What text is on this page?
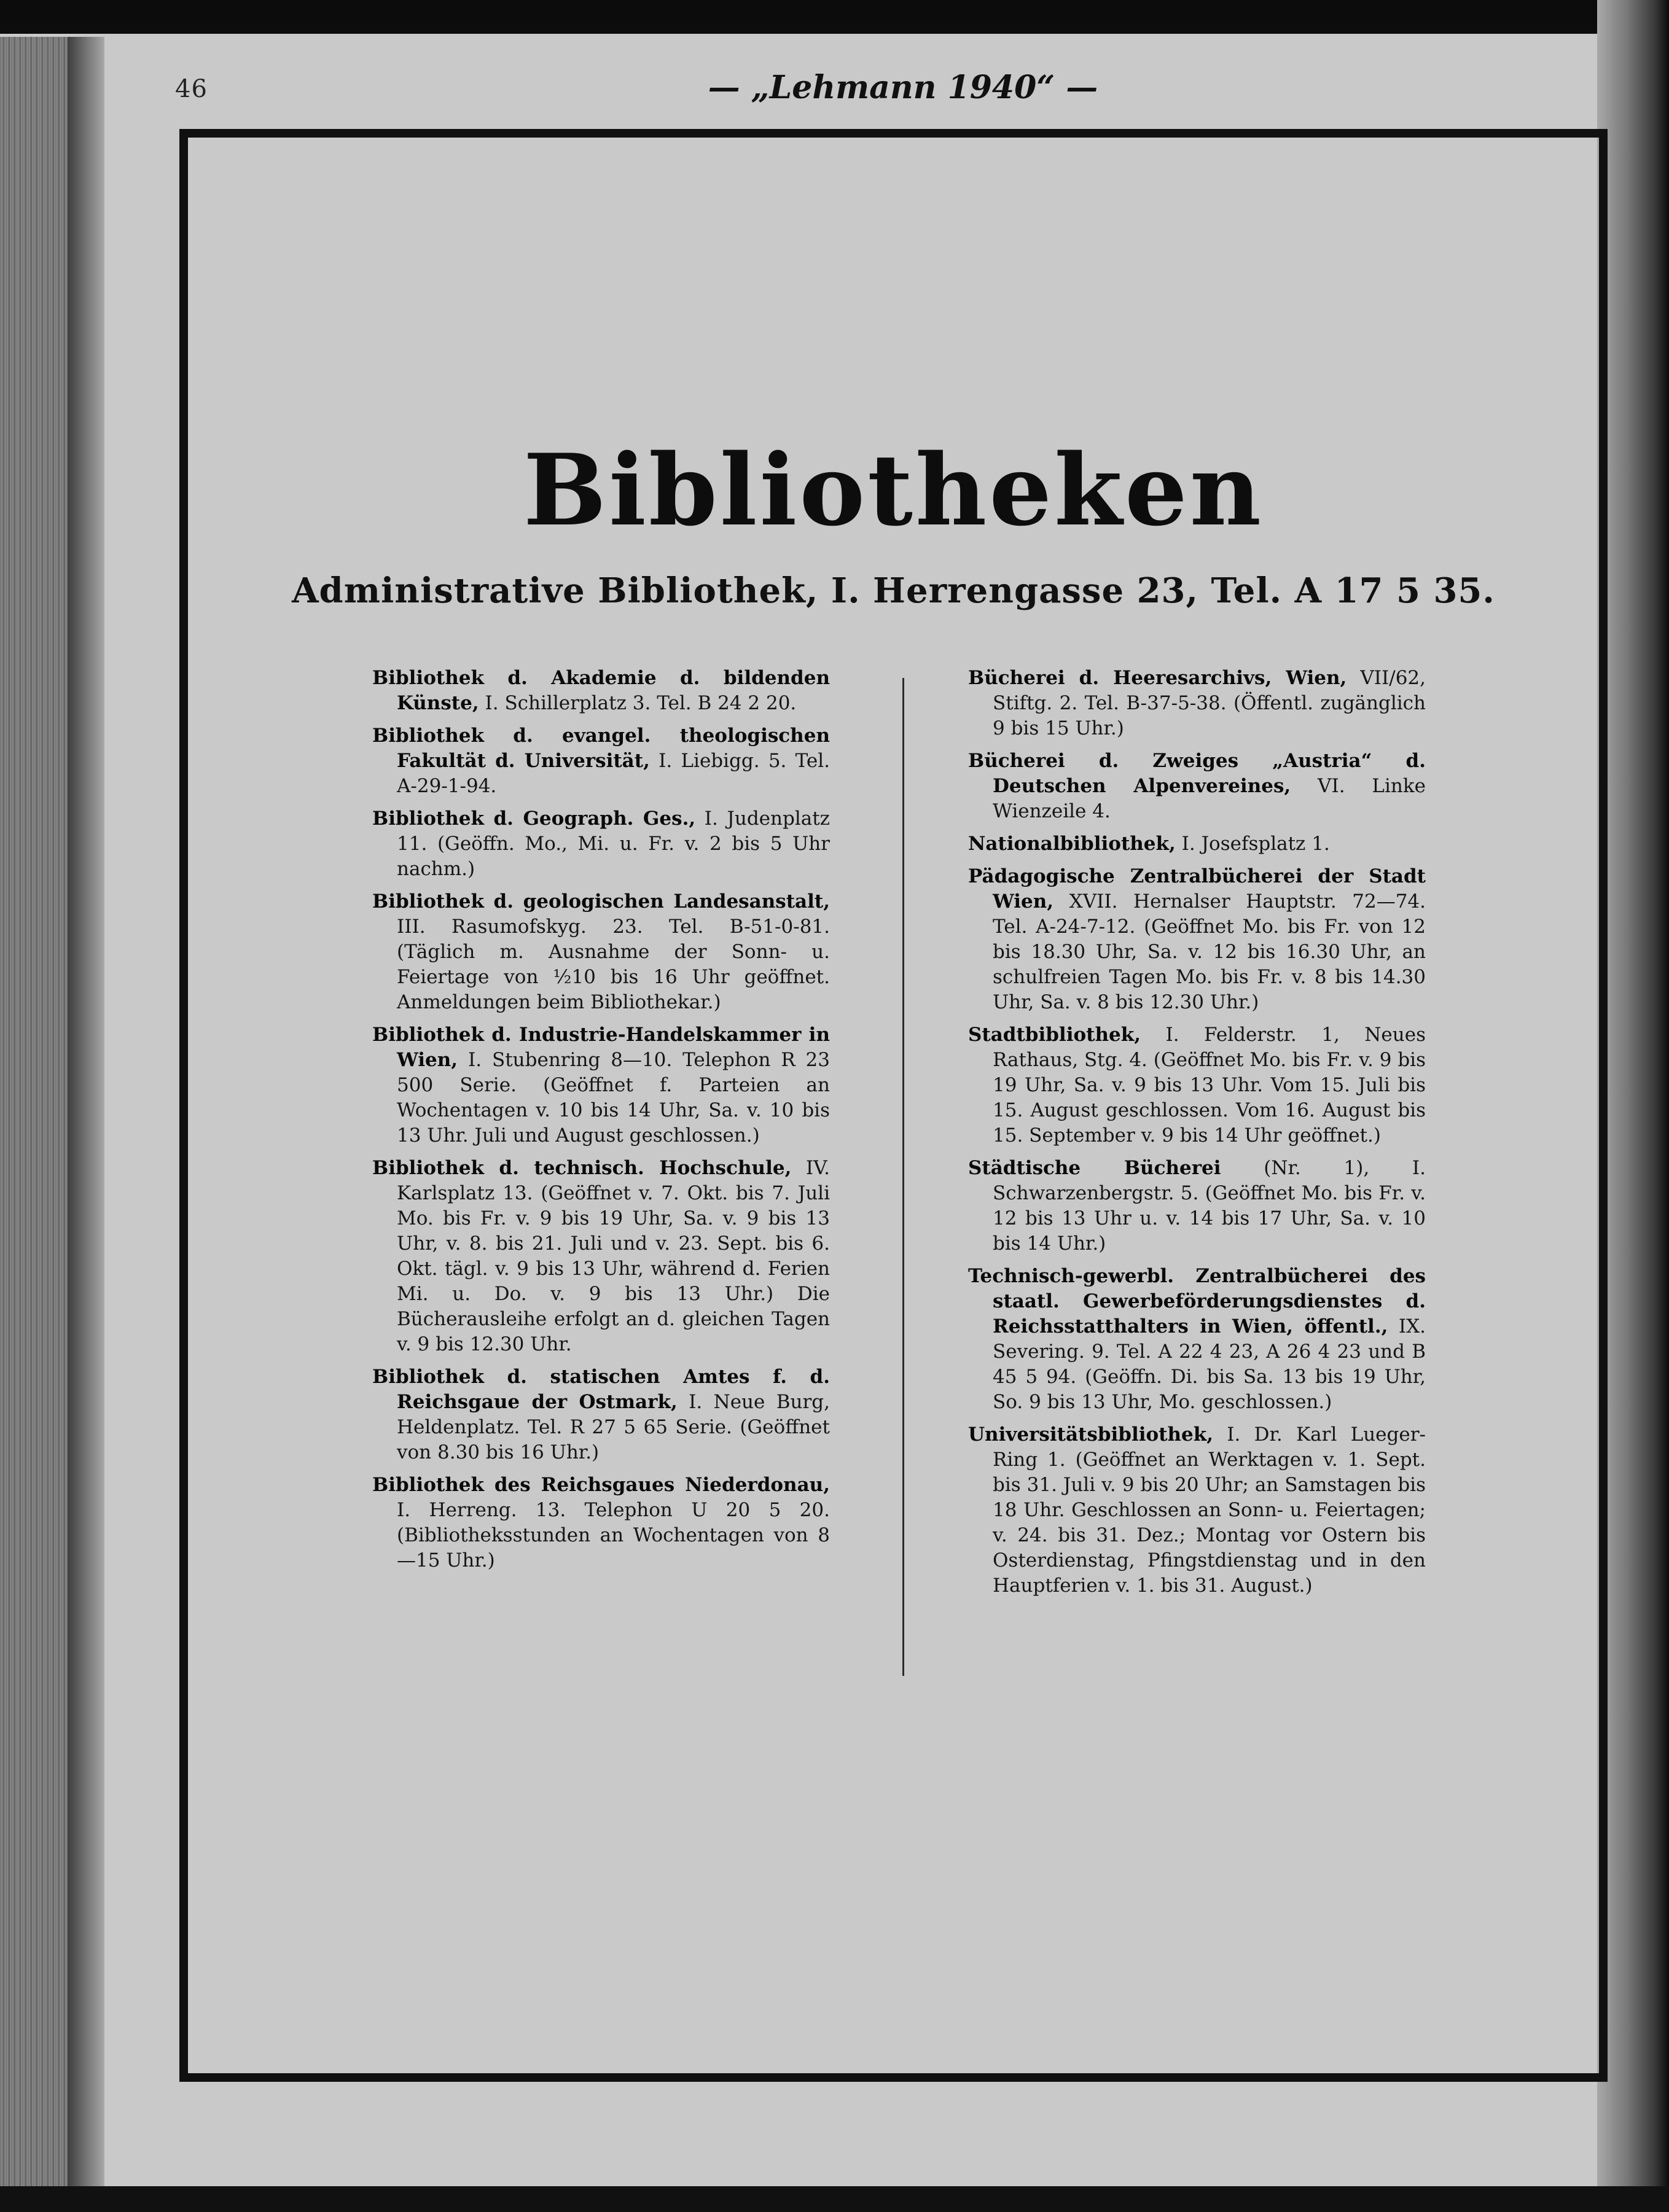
46	— „Lehmann 1940“ —
Bibliotheken
Administrative Bibliothek, I. Herrengasse 23, Tel. A 17 5 35.

Bibliothek d. Akademie d. bildenden Künste, I. Schillerplatz 3. Tel. B 24 2 20.

Bibliothek d. evangel. theologischen Fakultät d. Universität, I. Liebigg. 5. Tel. A-29-1-94.

Bibliothek d. Geograph. Ges., I. Judenplatz 11. (Geöffn. Mo., Mi. u. Fr. v. 2 bis 5 Uhr nachm.)

Bibliothek d. geologischen Landesanstalt, III. Rasumofskyg. 23. Tel. B-51-0-81. (Täglich m. Ausnahme der Sonn- u. Feiertage von ½10 bis 16 Uhr geöffnet. Anmeldungen beim Bibliothekar.)

Bibliothek d. Industrie-Handelskammer in Wien, I. Stubenring 8—10. Telephon R 23 500 Serie. (Geöffnet f. Parteien an Wochentagen v. 10 bis 14 Uhr, Sa. v. 10 bis 13 Uhr. Juli und August geschlossen.)

Bibliothek d. technisch. Hochschule, IV. Karlsplatz 13. (Geöffnet v. 7. Okt. bis 7. Juli Mo. bis Fr. v. 9 bis 19 Uhr, Sa. v. 9 bis 13 Uhr, v. 8. bis 21. Juli und v. 23. Sept. bis 6. Okt. tägl. v. 9 bis 13 Uhr, während d. Ferien Mi. u. Do. v. 9 bis 13 Uhr.) Die Bücherausleihe erfolgt an d. gleichen Tagen v. 9 bis 12.30 Uhr.

Bibliothek d. statischen Amtes f. d. Reichsgaue der Ostmark, I. Neue Burg, Heldenplatz. Tel. R 27 5 65 Serie. (Geöffnet von 8.30 bis 16 Uhr.)

Bibliothek des Reichsgaues Niederdonau, I. Herreng. 13. Telephon U 20 5 20. (Bibliotheksstunden an Wochentagen von 8—15 Uhr.)

Bücherei d. Heeresarchivs, Wien, VII/62, Stiftg. 2. Tel. B-37-5-38. (Öffentl. zugänglich 9 bis 15 Uhr.)

Bücherei d. Zweiges „Austria“ d. Deutschen Alpenvereines, VI. Linke Wienzeile 4.

Nationalbibliothek, I. Josefsplatz 1.

Pädagogische Zentralbücherei der Stadt Wien, XVII. Hernalser Hauptstr. 72—74. Tel. A-24-7-12. (Geöffnet Mo. bis Fr. von 12 bis 18.30 Uhr, Sa. v. 12 bis 16.30 Uhr, an schulfreien Tagen Mo. bis Fr. v. 8 bis 14.30 Uhr, Sa. v. 8 bis 12.30 Uhr.)

Stadtbibliothek, I. Felderstr. 1, Neues Rathaus, Stg. 4. (Geöffnet Mo. bis Fr. v. 9 bis 19 Uhr, Sa. v. 9 bis 13 Uhr. Vom 15. Juli bis 15. August geschlossen. Vom 16. August bis 15. September v. 9 bis 14 Uhr geöffnet.)

Städtische Bücherei (Nr. 1), I. Schwarzenbergstr. 5. (Geöffnet Mo. bis Fr. v. 12 bis 13 Uhr u. v. 14 bis 17 Uhr, Sa. v. 10 bis 14 Uhr.)

Technisch-gewerbl. Zentralbücherei des staatl. Gewerbeförderungsdienstes d. Reichsstatthalters in Wien, öffentl., IX. Severing. 9. Tel. A 22 4 23, A 26 4 23 und B 45 5 94. (Geöffn. Di. bis Sa. 13 bis 19 Uhr, So. 9 bis 13 Uhr, Mo. geschlossen.)

Universitätsbibliothek, I. Dr. Karl Lueger-Ring 1. (Geöffnet an Werktagen v. 1. Sept. bis 31. Juli v. 9 bis 20 Uhr; an Samstagen bis 18 Uhr. Geschlossen an Sonn- u. Feiertagen; v. 24. bis 31. Dez.; Montag vor Ostern bis Osterdienstag, Pfingstdienstag und in den Hauptferien v. 1. bis 31. August.)
